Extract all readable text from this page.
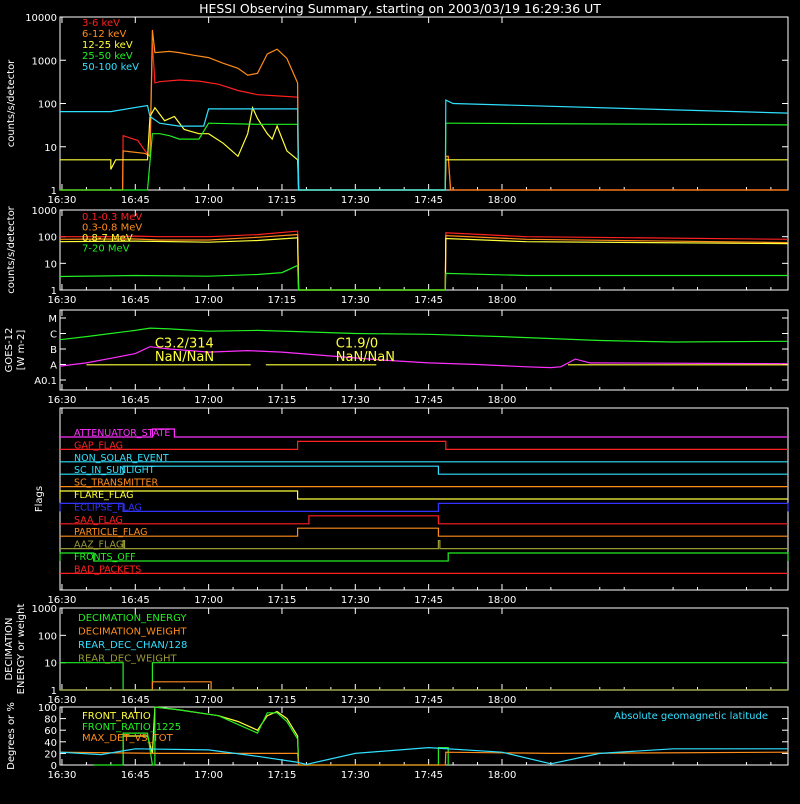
HESSI Observing Summary, starting on 2003/03/19 16:29:36 UT
16:30	16:45	17:00	17:15	17:30	17:45	18:00
1
10
100
1000
10000	3-6 keV
6-12 keV
12-25 keV
25-50 keV
50-100 keV
counts/s/detector
16:30	16:45	17:00	17:15	17:30	17:45	18:00
1
10
100
1000
0.1-0.3 MeV
0.3-0.8 MeV
0.8-7 MeV
7-20 MeV
counts/s/detector
16:30	16:45	17:00	17:15	17:30	17:45	18:00
A0.1
A
B
C
M
C3.2/314
NaN/NaN
C1.9/0
NaN/NaN
GOES-12 [W m-2]
16:30	16:45	17:00	17:15	17:30	17:45	18:00
ATTENUATOR_STATE
GAP_FLAG
NON_SOLAR_EVENT
SC_IN_SUNLIGHT
SC_TRANSMITTER
FLARE_FLAG
ECLIPSE_FLAG
SAA_FLAG
PARTICLE_FLAG
AAZ_FLAG
FRONTS_OFF
BAD_PACKETS
Flags
16:30	16:45	17:00	17:15	17:30	17:45	18:00
1
10
100
1000
DECIMATION_ENERGY
DECIMATION_WEIGHT
REAR_DEC_CHAN/128
REAR_DEC_WEIGHT
DECIMATION ENERGY or weight
16:30	16:45	17:00	17:15	17:30	17:45	18:00
0
20
40
60
80
100
FRONT_RATIO
FRONT_RATIO_1225
MAX_DET_VS_TOT
Absolute geomagnetic latitude
Degrees or %
